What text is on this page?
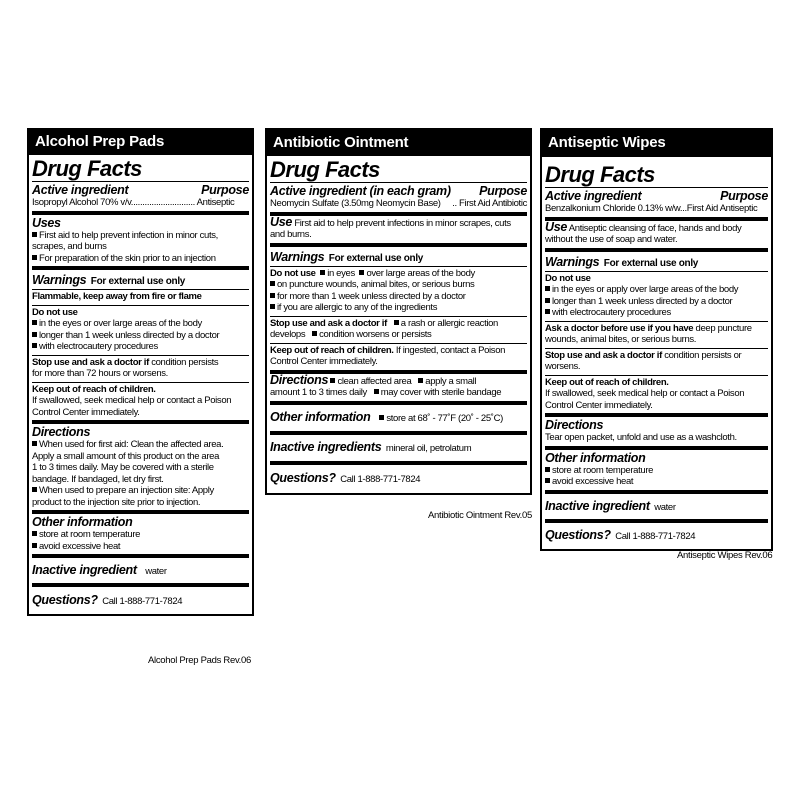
Alcohol Prep Pads
Drug Facts
Active ingredient	Purpose
Isopropyl Alcohol 70% v/v............................ Antiseptic
Uses
First aid to help prevent infection in minor cuts,
scrapes, and burns
For preparation of the skin prior to an injection
Warnings For external use only
Flammable, keep away from fire or flame
Do not use
in the eyes or over large areas of the body
longer than 1 week unless directed by a doctor
with electrocautery procedures
Stop use and ask a doctor if condition persists
for more than 72 hours or worsens.
Keep out of reach of children.
If swallowed, seek medical help or contact a Poison
Control Center immediately.
Directions
When used for first aid: Clean the affected area.
Apply a small amount of this product on the area
1 to 3 times daily. May be covered with a sterile
bandage. If bandaged, let dry first.
When used to prepare an injection site: Apply
product to the injection site prior to injection.
Other information
store at room temperature
avoid excessive heat
Inactive ingredient water
Questions? Call 1-888-771-7824
Alcohol Prep Pads Rev.06
Antibiotic Ointment
Drug Facts
Active ingredient (in each gram) Purpose
Neomycin Sulfate (3.50mg Neomycin Base) .. First Aid Antibiotic
Use First aid to help prevent infections in minor scrapes, cuts
and burns.
Warnings For external use only
Do not use in eyes over large areas of the body
on puncture wounds, animal bites, or serious burns
for more than 1 week unless directed by a doctor
if you are allergic to any of the ingredients
Stop use and ask a doctor if a rash or allergic reaction
develops condition worsens or persists
Keep out of reach of children. If ingested, contact a Poison
Control Center immediately.
Directions clean affected area apply a small
amount 1 to 3 times daily may cover with sterile bandage
Other information store at 68˚ - 77˚F (20˚ - 25˚C)
Inactive ingredients mineral oil, petrolatum
Questions? Call 1-888-771-7824
Antibiotic Ointment Rev.05
Antiseptic Wipes
Drug Facts
Active ingredient	Purpose
Benzalkonium Chloride 0.13% w/w...First Aid Antiseptic
Use Antiseptic cleansing of face, hands and body
without the use of soap and water.
Warnings For external use only
Do not use
in the eyes or apply over large areas of the body
longer than 1 week unless directed by a doctor
with electrocautery procedures
Ask a doctor before use if you have deep puncture
wounds, animal bites, or serious burns.
Stop use and ask a doctor if condition persists or
worsens.
Keep out of reach of children.
If swallowed, seek medical help or contact a Poison
Control Center immediately.
Directions
Tear open packet, unfold and use as a washcloth.
Other information
store at room temperature
avoid excessive heat
Inactive ingredient water
Questions? Call 1-888-771-7824
Antiseptic Wipes Rev.06
